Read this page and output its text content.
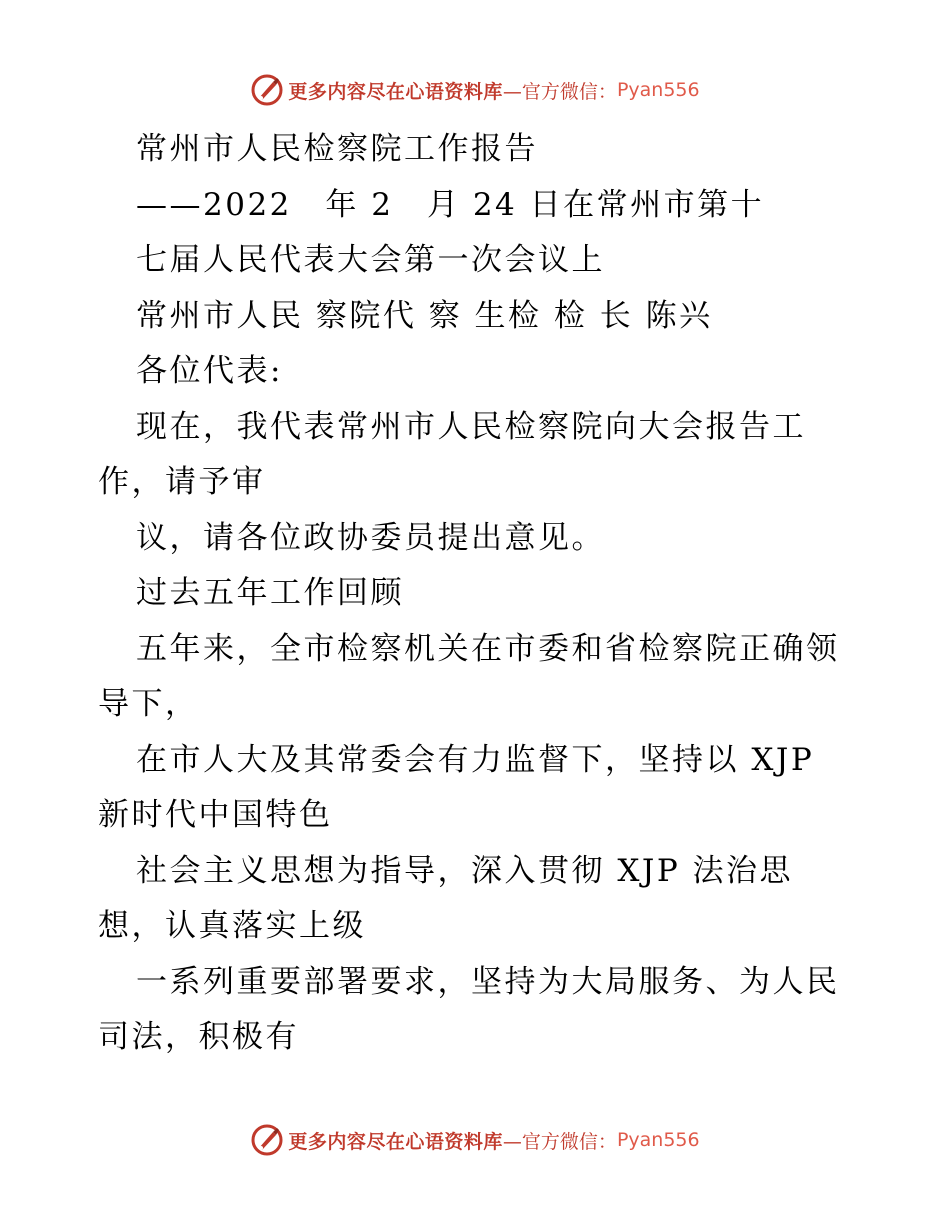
更多内容尽在心语资料库 —官方微信： Pyan556
常州市人民检察院工作报告
——2022　年 2　月 24 日在常州市第十
七届人民代表大会第一次会议上
常州市人民 察院代 察 生检 检 长 陈兴
各位代表:
现在，我代表常州市人民检察院向大会报告工
作，请予审
议，请各位政协委员提出意见。
过去五年工作回顾
五年来，全市检察机关在市委和省检察院正确领
导下，
在市人大及其常委会有力监督下，坚持以 XJP
新时代中国特色
社会主义思想为指导，深入贯彻 XJP 法治思
想，认真落实上级
一系列重要部署要求，坚持为大局服务、为人民
司法，积极有
更多内容尽在心语资料库 —官方微信： Pyan556
